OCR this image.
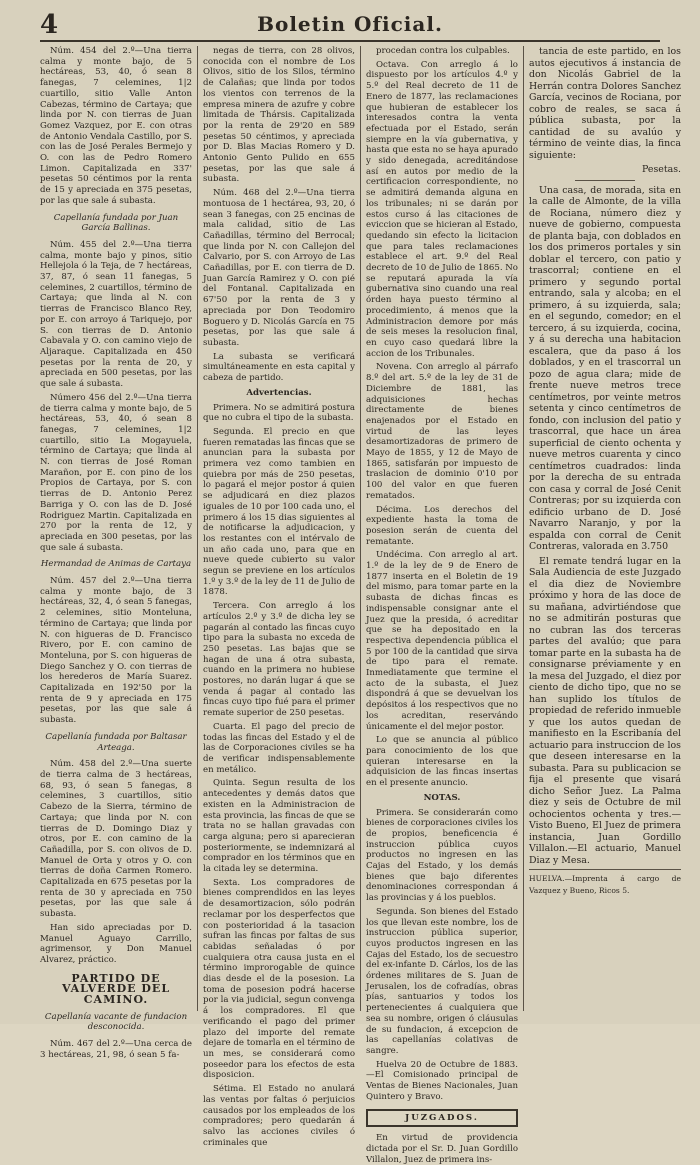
4	Boletin Oficial.

Núm. 454 del 2.º—Una tierra calma y monte bajo, de 5 hectáreas, 53, 40, ó sean 8 fanegas, 7 celemines, 1|2 cuartillo, sitio Valle Anton Cabezas, término de Cartaya; que linda por N. con tierras de Juan Gomez Vazquez, por E. con otras de Antonio Vendala Castillo, por S. con las de José Perales Bermejo y O. con las de Pedro Romero Limon. Capitalizada en 337' pesetas 50 céntimos por la renta de 15 y apreciada en 375 pesetas, por las que sale á subasta.

Capellanía fundada por Juan García Ballinas.

Núm. 455 del 2.º—Una tierra calma, monte bajo y pinos, sitio Hellejola ó la Teja, de 7 hectáreas, 37, 87, ó sean 11 fanegas, 5 celemines, 2 cuartillos, término de Cartaya; que linda al N. con tierras de Francisco Blanco Rey, por E. con arroyo á Tariquejo, por S. con tierras de D. Antonio Cabavala y O. con camino viejo de Aljaraque. Capitalizada en 450 pesetas por la renta de 20, y apreciada en 500 pesetas, por las que sale á subasta.

Número 456 del 2.º—Una tierra de tierra calma y monte bajo, de 5 hectáreas, 53, 40, ó sean 8 fanegas, 7 celemines, 1|2 cuartillo, sitio La Mogayuela, término de Cartaya; que linda al N. con tierras de José Roman Marañon, por E. con pino de los Propios de Cartaya, por S. con tierras de D. Antonio Perez Barriga y O. con las de D. José Rodriguez Martin. Capitalizada en 270 por la renta de 12, y apreciada en 300 pesetas, por las que sale á subasta.

Hermandad de Animas de Cartaya

Núm. 457 del 2.º—Una tierra calma y monte bajo, de 3 hectáreas, 32, 4, ó sean 5 fanegas, 2 celemines, sitio Monteluna, término de Cartaya; que linda por N. con higueras de D. Francisco Rivero, por E. con camino de Monteluna, por S. con higueras de Diego Sanchez y O. con tierras de los herederos de María Suarez. Capitalizada en 192'50 por la renta de 9 y apreciada en 175 pesetas, por las que sale á subasta.

Capellanía fundada por Baltasar Arteaga.

Núm. 458 del 2.º—Una suerte de tierra calma de 3 hectáreas, 68, 93, ó sean 5 fanegas, 8 celemines, 3 cuartillos, sitio Cabezo de la Sierra, término de Cartaya; que linda por N. con tierras de D. Domingo Diaz y otros, por E. con camino de la Cañadilla, por S. con olivos de D. Manuel de Orta y otros y O. con tierras de doña Carmen Romero. Capitalizada en 675 pesetas por la renta de 30 y apreciada en 750 pesetas, por las que sale á subasta.

Han sido apreciadas por D. Manuel Aguayo Carrillo, agrimensor, y Don Manuel Alvarez, práctico.

PARTIDO DE VALVERDE DEL CAMINO.

Capellanía vacante de fundacion desconocida.

Núm. 467 del 2.º—Una cerca de 3 hectáreas, 21, 98, ó sean 5 fa-

negas de tierra, con 28 olivos, conocida con el nombre de Los Olivos, sitio de los Silos, término de Calañas; que linda por todos los vientos con terrenos de la empresa minera de azufre y cobre limitada de Thársis. Capitalizada por la renta de 29'20 en 589 pesetas 50 céntimos, y apreciada por D. Blas Macias Romero y D. Antonio Gento Pulido en 655 pesetas, por las que sale á subasta.

Núm. 468 del 2.º—Una tierra montuosa de 1 hectárea, 93, 20, ó sean 3 fanegas, con 25 encinas de mala calidad, sitio de Las Cañadillas, término del Berrocal; que linda por N. con Callejon del Calvario, por S. con Arroyo de Las Cañadillas, por E. con tierra de D. Juan García Ramirez y O. con pié del Fontanal. Capitalizada en 67'50 por la renta de 3 y apreciada por Don Teodomiro Boguero y D. Nicolás García en 75 pesetas, por las que sale á subasta.

La subasta se verificará simultáneamente en esta capital y cabeza de partido.

Advertencias.

Primera. No se admitirá postura que no cubra el tipo de la subasta.

Segunda. El precio en que fueren rematadas las fincas que se anuncian para la subasta por primera vez como tambien en quiebra por más de 250 pesetas, lo pagará el mejor postor á quien se adjudicará en diez plazos iguales de 10 por 100 cada uno, el primero á los 15 dias siguientes al de notificarse la adjudicacion, y los restantes con el intérvalo de un año cada uno, para que en nueve quede cubierto su valor segun se previene en los artículos 1.º y 3.º de la ley de 11 de Julio de 1878.

Tercera. Con arreglo á los artículos 2.º y 3.º de dicha ley se pagarán al contado las fincas cuyo tipo para la subasta no exceda de 250 pesetas. Las bajas que se hagan de una á otra subasta, cuando en la primera no hubiese postores, no darán lugar á que se venda á pagar al contado las fincas cuyo tipo fué para el primer remate superior de 250 pesetas.

Cuarta. El pago del precio de todas las fincas del Estado y el de las de Corporaciones civiles se ha de verificar indispensablemente en metálico.

Quinta. Segun resulta de los antecedentes y demás datos que existen en la Administracion de esta provincia, las fincas de que se trata no se hallan gravadas con carga alguna; pero si aparecieran posteriormente, se indemnizará al comprador en los términos que en la citada ley se determina.

Sexta. Los compradores de bienes comprendidos en las leyes de desamortizacion, sólo podrán reclamar por los desperfectos que con posterioridad á la tasacion sufran las fincas por faltas de sus cabidas señaladas ó por cualquiera otra causa justa en el término improrogable de quince dias desde el de la posesion. La toma de posesion podrá hacerse por la via judicial, segun convenga á los compradores. El que verificando el pago del primer plazo del importe del remate dejare de tomarla en el término de un mes, se considerará como poseedor para los efectos de esta disposicion.

Sétima. El Estado no anulará las ventas por faltas ó perjuicios causados por los empleados de los compradores; pero quedarán á salvo las acciones civiles ó criminales que

procedan contra los culpables.

Octava. Con arreglo á lo dispuesto por los artículos 4.º y 5.º del Real decreto de 11 de Enero de 1877, las reclamaciones que hubieran de establecer los interesados contra la venta efectuada por el Estado, serán siempre en la vía gubernativa, y hasta que esta no se haya apurado y sido denegada, acreditándose así en autos por medio de la certificacion correspondiente, no se admitirá demanda alguna en los tribunales; ni se darán por estos curso á las citaciones de eviccion que se hicieran al Estado, quedando sin efecto la licitacion que para tales reclamaciones establece el art. 9.º del Real decreto de 10 de Julio de 1865. No se reputará apurada la vía gubernativa sino cuando una real órden haya puesto término al procedimiento, á menos que la Administracion demore por más de seis meses la resolucion final, en cuyo caso quedará libre la accion de los Tribunales.

Novena. Con arreglo al párrafo 8.º del art. 5.º de la ley de 31 de Diciembre de 1881, las adquisiciones hechas directamente de bienes enajenados por el Estado en virtud de las leyes desamortizadoras de primero de Mayo de 1855, y 12 de Mayo de 1865, satisfarán por impuesto de traslacion de dominio 0'10 por 100 del valor en que fueren rematados.

Décima. Los derechos del expediente hasta la toma de posesion serán de cuenta del rematante.

Undécima. Con arreglo al art. 1.º de la ley de 9 de Enero de 1877 inserta en el Boletin de 19 del mismo, para tomar parte en la subasta de dichas fincas es indispensable consignar ante el Juez que la presida, ó acreditar que se ha depositado en la respectiva dependencia pública el 5 por 100 de la cantidad que sirva de tipo para el remate. Inmediatamente que termine el acto de la subasta, el Juez dispondrá á que se devuelvan los depósitos á los respectivos que no los acreditan, reservándo únicamente el del mejor postor.

Lo que se anuncia al público para conocimiento de los que quieran interesarse en la adquisicion de las fincas insertas en el presente anuncio.

NOTAS.

Primera. Se considerarán como bienes de corporaciones civiles los de propios, beneficencia é instruccion pública cuyos productos no ingresen en las Cajas del Estado, y los demás bienes que bajo diferentes denominaciones correspondan á las provincias y á los pueblos.

Segunda. Son bienes del Estado los que llevan este nombre, los de instruccion pública superior, cuyos productos ingresen en las Cajas del Estado, los de secuestro del ex-infante D. Cárlos, los de las órdenes militares de S. Juan de Jerusalen, los de cofradías, obras pías, santuarios y todos los pertenecientes á cualquiera que sea su nombre, origen ó cláusulas de su fundacion, á excepcion de las capellanías colativas de sangre.

Huelva 20 de Octubre de 1883.—El Comisionado principal de Ventas de Bienes Nacionales, Juan Quintero y Bravo.

JUZGADOS.

En virtud de providencia dictada por el Sr. D. Juan Gordillo Villalon, Juez de primera ins-

tancia de este partido, en los autos ejecutivos á instancia de don Nicolás Gabriel de la Herrán contra Dolores Sanchez García, vecinos de Rociana, por cobro de reales, se saca á pública subasta, por la cantidad de su avalúo y término de veinte dias, la finca siguiente:

Pesetas.

Una casa, de morada, sita en la calle de Almonte, de la villa de Rociana, número diez y nueve de gobierno, compuesta de planta baja, con doblados en los dos primeros portales y sin doblar el tercero, con patio y trascorral; contiene en el primero y segundo portal entrando, sala y alcoba; en el primero, á su izquierda, sala; en el segundo, comedor; en el tercero, á su izquierda, cocina, y á su derecha una habitacion escalera, que da paso á los doblados, y en el trascorral un pozo de agua clara; mide de frente nueve metros trece centímetros, por veinte metros setenta y cinco centímetros de fondo, con inclusion del patio y trascorral, que hace un área superficial de ciento ochenta y nueve metros cuarenta y cinco centímetros cuadrados: linda por la derecha de su entrada con casa y corral de José Cenit Contreras; por su izquierda con edificio urbano de D. José Navarro Naranjo, y por la espalda con corral de Cenit Contreras, valorada en 3.750

El remate tendrá lugar en la Sala Audiencia de este Juzgado el dia diez de Noviembre próximo y hora de las doce de su mañana, advirtiéndose que no se admitirán posturas que no cubran las dos terceras partes del avalúo; que para tomar parte en la subasta ha de consignarse préviamente y en la mesa del Juzgado, el diez por ciento de dicho tipo, que no se han suplido los títulos de propiedad de referido inmueble y que los autos quedan de manifiesto en la Escribanía del actuario para instruccion de los que deseen interesarse en la subasta. Para su publicacion se fija el presente que visará dicho Señor Juez. La Palma diez y seis de Octubre de mil ochocientos ochenta y tres.—Visto Bueno, El Juez de primera instancia, Juan Gordillo Villalon.—El actuario, Manuel Diaz y Mesa.

HUELVA.—Imprenta á cargo de Vazquez y Bueno, Ricos 5.
